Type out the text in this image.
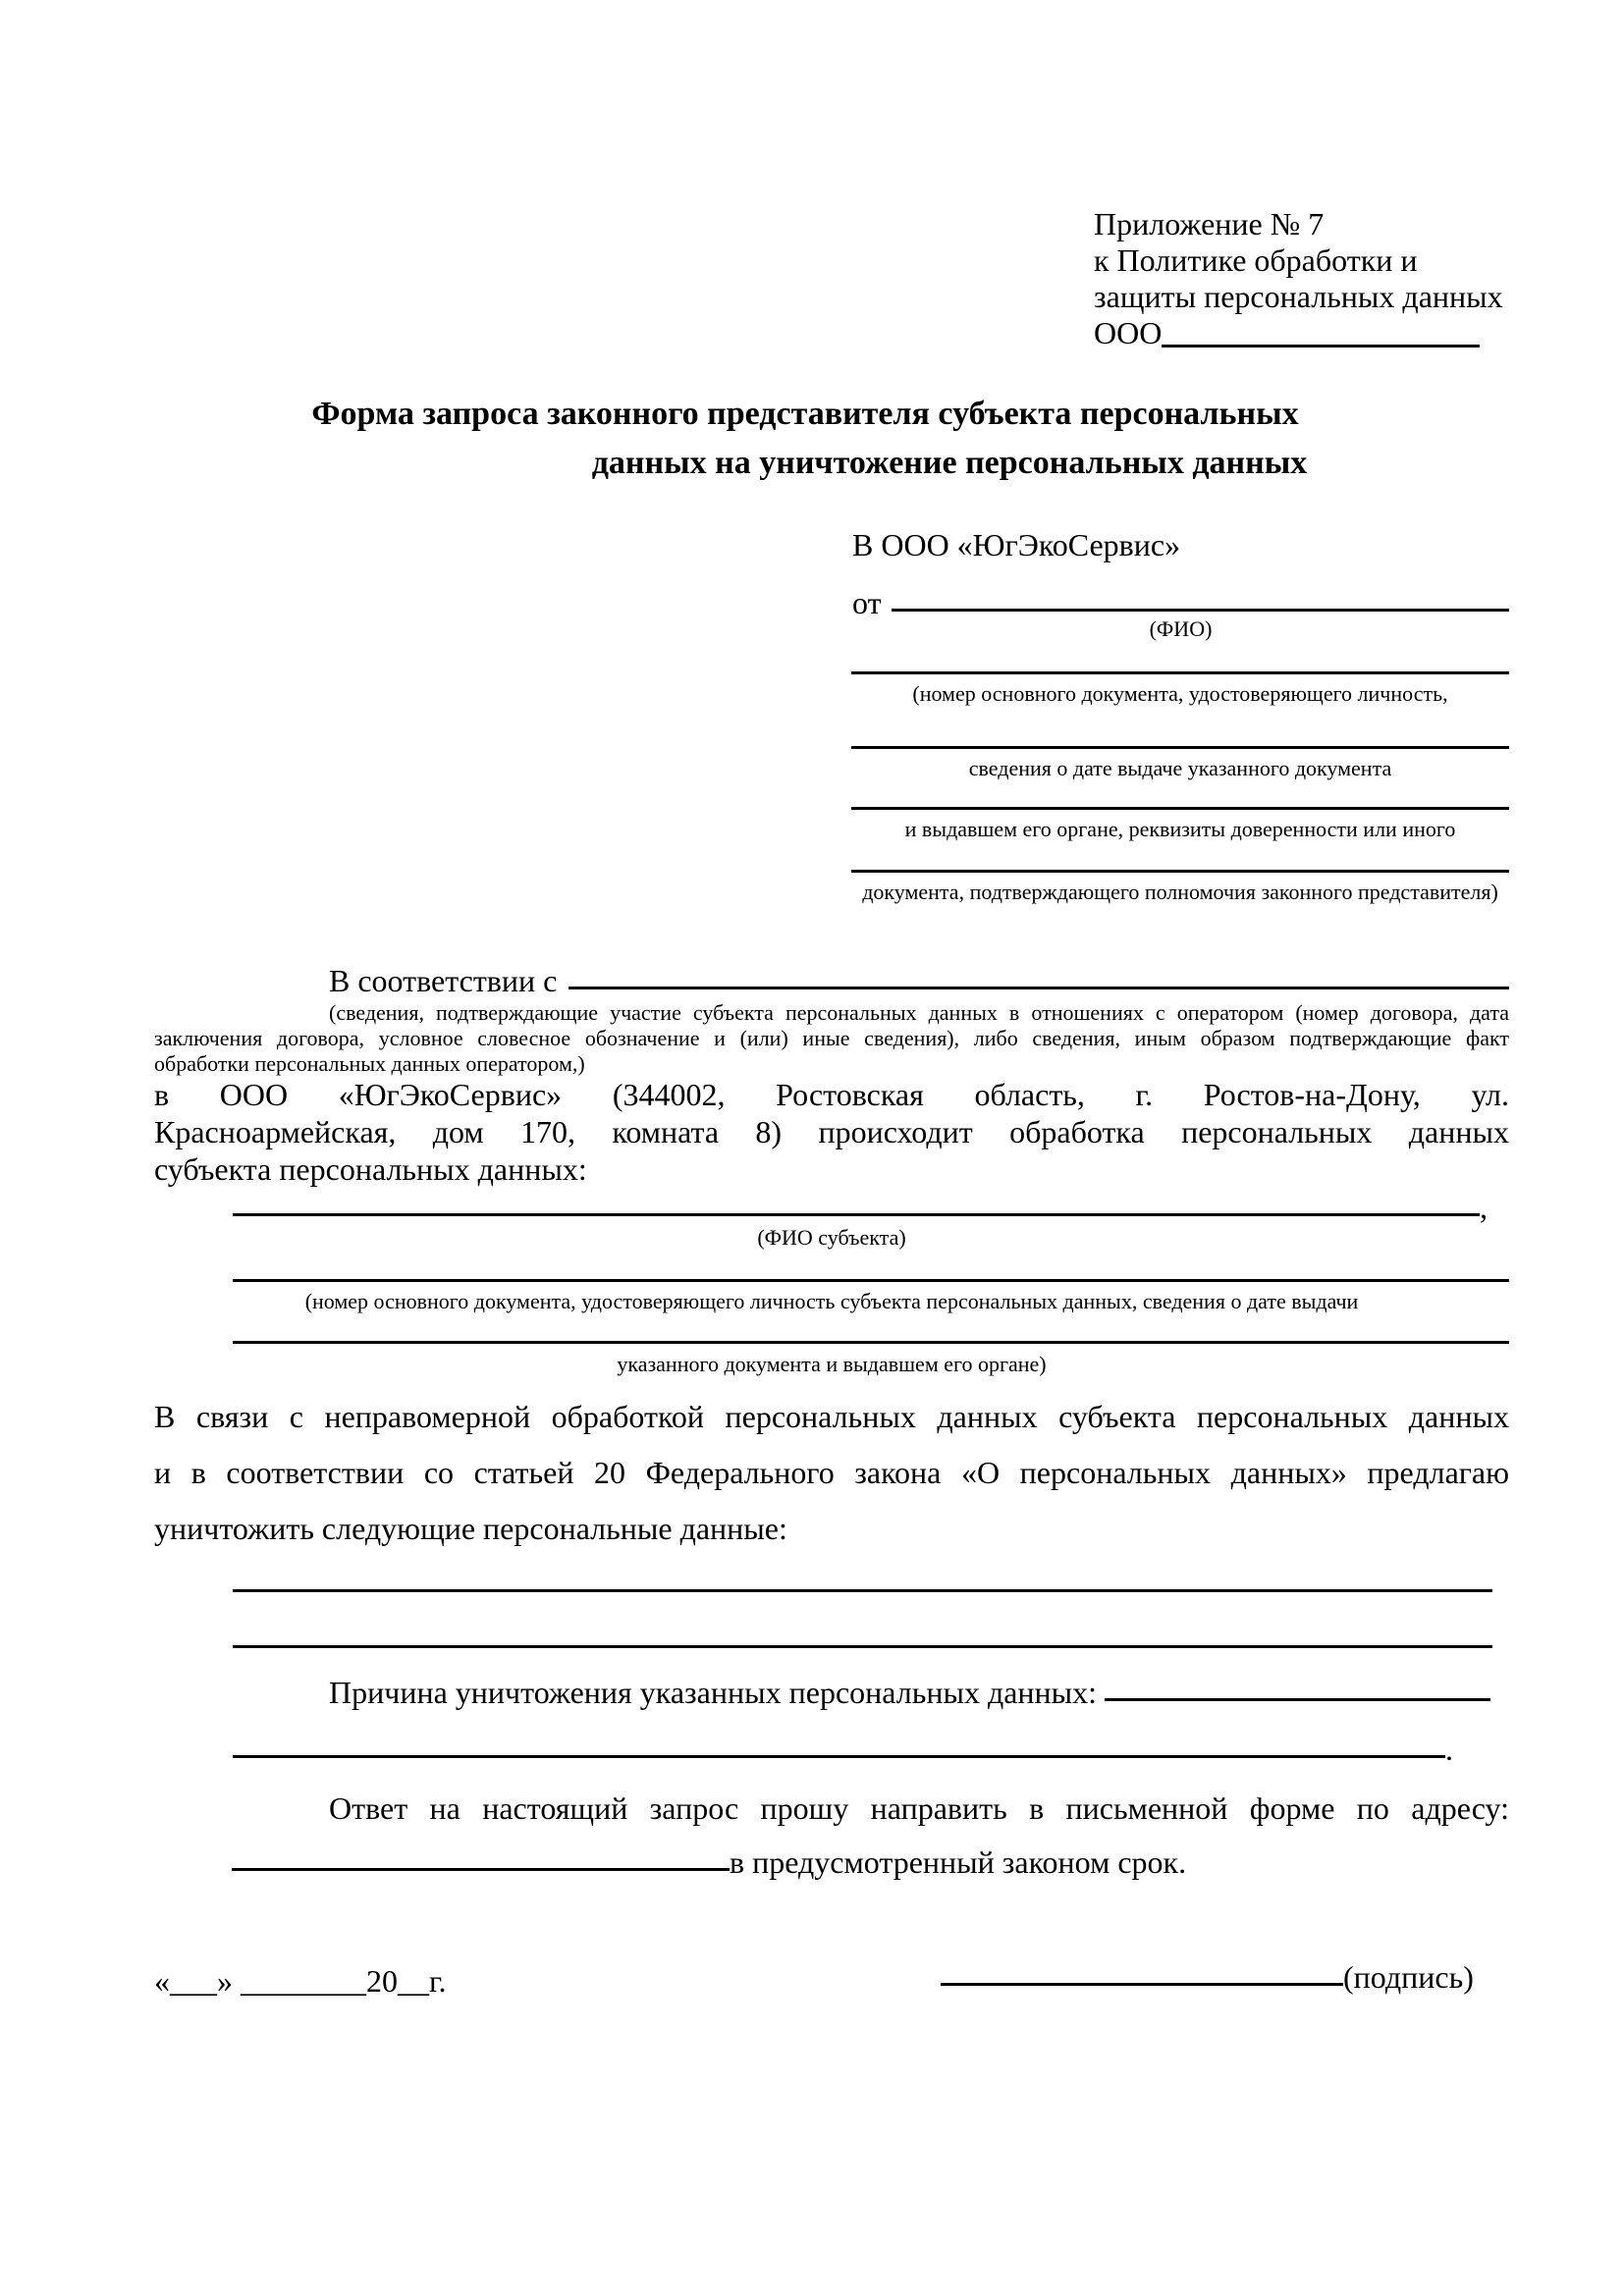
Приложение № 7
к Политике обработки и
защиты персональных данных
ООО
Форма запроса законного представителя субъекта персональных
данных на уничтожение персональных данных
В ООО «ЮгЭкоСервис»
от
(ФИО)
(номер основного документа, удостоверяющего личность,
сведения о дате выдаче указанного документа
и выдавшем его органе, реквизиты доверенности или иного
документа, подтверждающего полномочия законного представителя)
В соответствии с
(сведения, подтверждающие участие субъекта персональных данных в отношениях с оператором (номер договора, дата
заключения договора, условное словесное обозначение и (или) иные сведения), либо сведения, иным образом подтверждающие факт
обработки персональных данных оператором,)
в ООО «ЮгЭкоСервис» (344002, Ростовская область, г. Ростов-на-Дону, ул.
Красноармейская, дом 170, комната 8) происходит обработка персональных данных
субъекта персональных данных:
,
(ФИО субъекта)
(номер основного документа, удостоверяющего личность субъекта персональных данных, сведения о дате выдачи
указанного документа и выдавшем его органе)
В связи с неправомерной обработкой персональных данных субъекта персональных данных
и в соответствии со статьей 20 Федерального закона «О персональных данных» предлагаю
уничтожить следующие персональные данные:
Причина уничтожения указанных персональных данных:
.
Ответ на настоящий запрос прошу направить в письменной форме по адресу:
в предусмотренный законом срок.
«___» ________20__г.	(подпись)
